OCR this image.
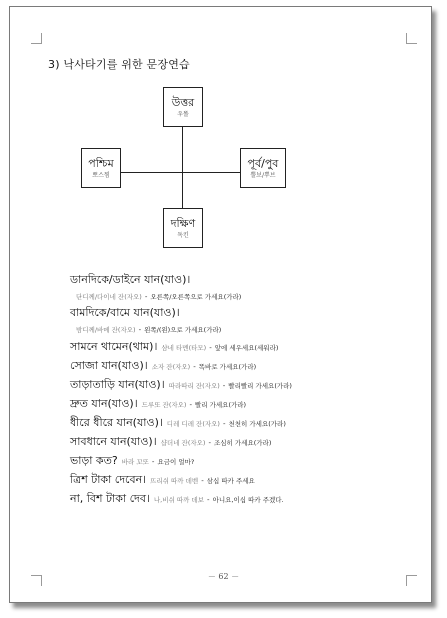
3) 낙사타기를 위한 문장연습
উত্তর
우똘
পশ্চিম
뽀스찜
পূর্ব/পুব
뿔보/뿌브
দক্ষিণ
독킨
ডানদিকে/ডাইনে যান(যাও)।
단디께/다이네 잔(자오) - 오른쪽/오른쪽으로 가세요(가라)
বামদিকে/বামে যান(যাও)।
밤디께/바메 잔(자오) - 왼쪽/(왼)으로 가세요(가라)
সামনে থামেন(থাম)। 샴네 타멘(타모) - 앞에 세우세요(세워라)
সোজা যান(যাও)। 소자 잔(자오) - 똑바로 가세요(가라)
তাড়াতাড়ি যান(যাও)। 따라따리 잔(자오) - 빨리빨리 가세요(가라)
দ্রুত যান(যাও)। 드루또 잔(자오) - 빨리 가세요(가라)
ধীরে ধীরে যান(যাও)। 디레 디레 잔(자오) - 천천히 가세요(가라)
সাবধানে যান(যাও)। 샵더네 잔(자오) - 조심히 가세요(가라)
ভাড়া কত? 바라 꼬또 - 요금이 얼마?
ত্রিশ টাকা দেবেন। 뜨리쉬 따까 데벤 - 삼십 따카 주세요
না, বিশ টাকা দেব। 나,비쉬 따까 데보 - 아니요,이십 따카 주겠다.
－ 62 －
